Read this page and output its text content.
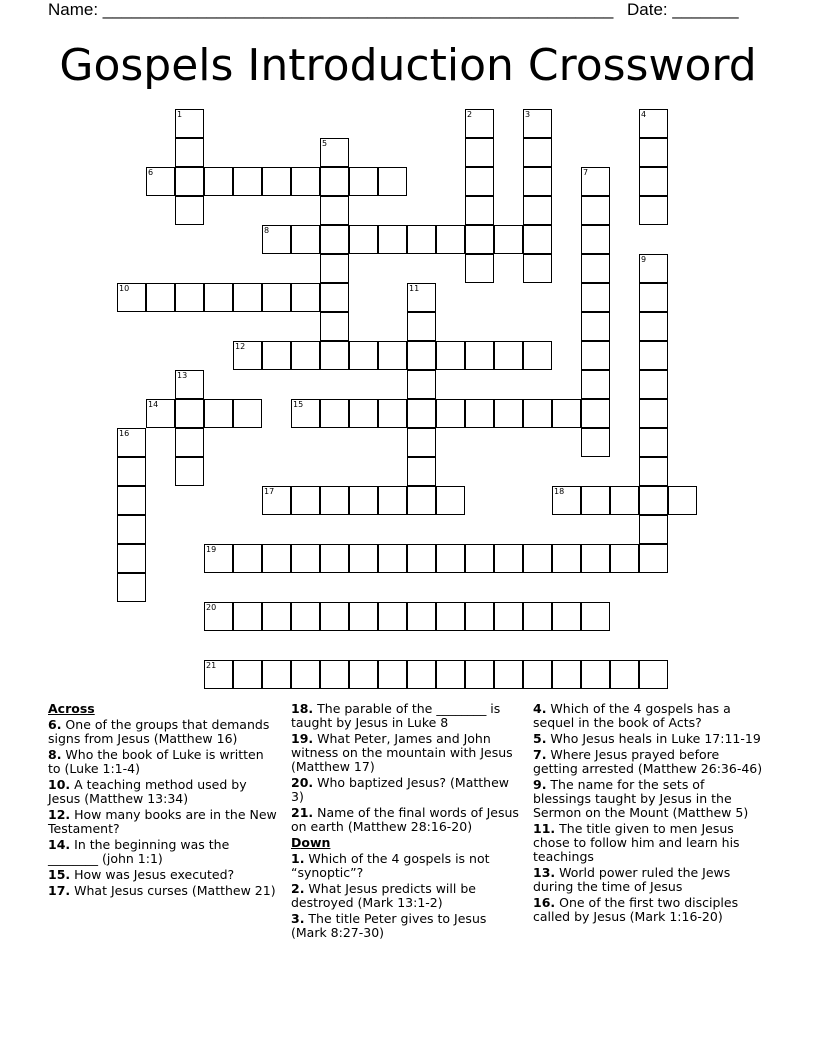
Name: ______________________________________________________ Date: _______
Gospels Introduction Crossword
1	2	3	4
5
6	7
8
9
10	11
12
13
14	15
16
17	18
19
20
21
Across
6. One of the groups that demands signs from Jesus (Matthew 16)
8. Who the book of Luke is written to (Luke 1:1-4)
10. A teaching method used by Jesus (Matthew 13:34)
12. How many books are in the New Testament?
14. In the beginning was the ________ (john 1:1)
15. How was Jesus executed?
17. What Jesus curses (Matthew 21)
18. The parable of the ________ is taught by Jesus in Luke 8
19. What Peter, James and John witness on the mountain with Jesus (Matthew 17)
20. Who baptized Jesus? (Matthew 3)
21. Name of the final words of Jesus on earth (Matthew 28:16-20)
Down
1. Which of the 4 gospels is not “synoptic”?
2. What Jesus predicts will be destroyed (Mark 13:1-2)
3. The title Peter gives to Jesus (Mark 8:27-30)
4. Which of the 4 gospels has a sequel in the book of Acts?
5. Who Jesus heals in Luke 17:11-19
7. Where Jesus prayed before getting arrested (Matthew 26:36-46)
9. The name for the sets of blessings taught by Jesus in the Sermon on the Mount (Matthew 5)
11. The title given to men Jesus chose to follow him and learn his teachings
13. World power ruled the Jews during the time of Jesus
16. One of the first two disciples called by Jesus (Mark 1:16-20)
